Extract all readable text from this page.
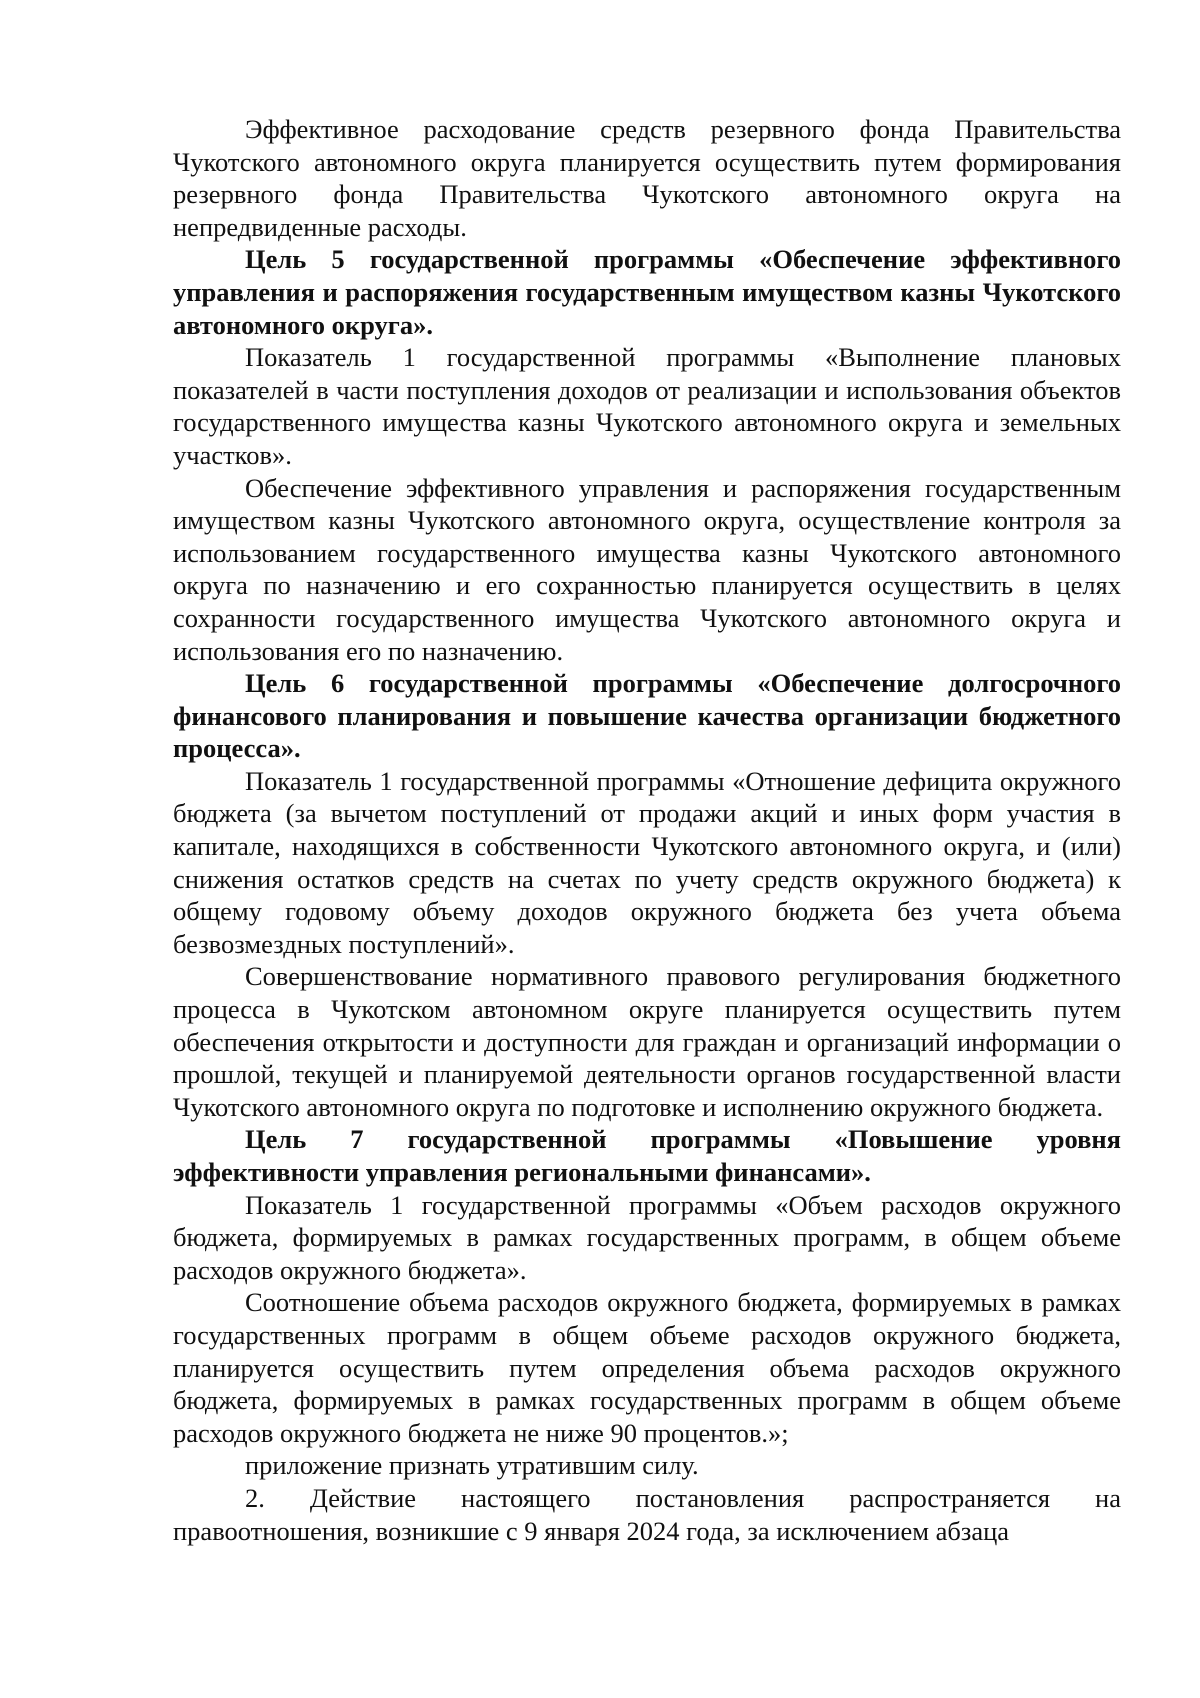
Эффективное расходование средств резервного фонда Правительства Чукотского автономного округа планируется осуществить путем формирования резервного фонда Правительства Чукотского автономного округа на непредвиденные расходы.

Цель 5 государственной программы «Обеспечение эффективного управления и распоряжения государственным имуществом казны Чукотского автономного округа».

Показатель 1 государственной программы «Выполнение плановых показателей в части поступления доходов от реализации и использования объектов государственного имущества казны Чукотского автономного округа и земельных участков».

Обеспечение эффективного управления и распоряжения государственным имуществом казны Чукотского автономного округа, осуществление контроля за использованием государственного имущества казны Чукотского автономного округа по назначению и его сохранностью планируется осуществить в целях сохранности государственного имущества Чукотского автономного округа и использования его по назначению.

Цель 6 государственной программы «Обеспечение долгосрочного финансового планирования и повышение качества организации бюджетного процесса».

Показатель 1 государственной программы «Отношение дефицита окружного бюджета (за вычетом поступлений от продажи акций и иных форм участия в капитале, находящихся в собственности Чукотского автономного округа, и (или) снижения остатков средств на счетах по учету средств окружного бюджета) к общему годовому объему доходов окружного бюджета без учета объема безвозмездных поступлений».

Совершенствование нормативного правового регулирования бюджетного процесса в Чукотском автономном округе планируется осуществить путем обеспечения открытости и доступности для граждан и организаций информации о прошлой, текущей и планируемой деятельности органов государственной власти Чукотского автономного округа по подготовке и исполнению окружного бюджета.

Цель 7 государственной программы «Повышение уровня эффективности управления региональными финансами».

Показатель 1 государственной программы «Объем расходов окружного бюджета, формируемых в рамках государственных программ, в общем объеме расходов окружного бюджета».

Соотношение объема расходов окружного бюджета, формируемых в рамках государственных программ в общем объеме расходов окружного бюджета, планируется осуществить путем определения объема расходов окружного бюджета, формируемых в рамках государственных программ в общем объеме расходов окружного бюджета не ниже 90 процентов.»;

приложение признать утратившим силу.

2. Действие настоящего постановления распространяется на правоотношения, возникшие с 9 января 2024 года, за исключением абзаца
